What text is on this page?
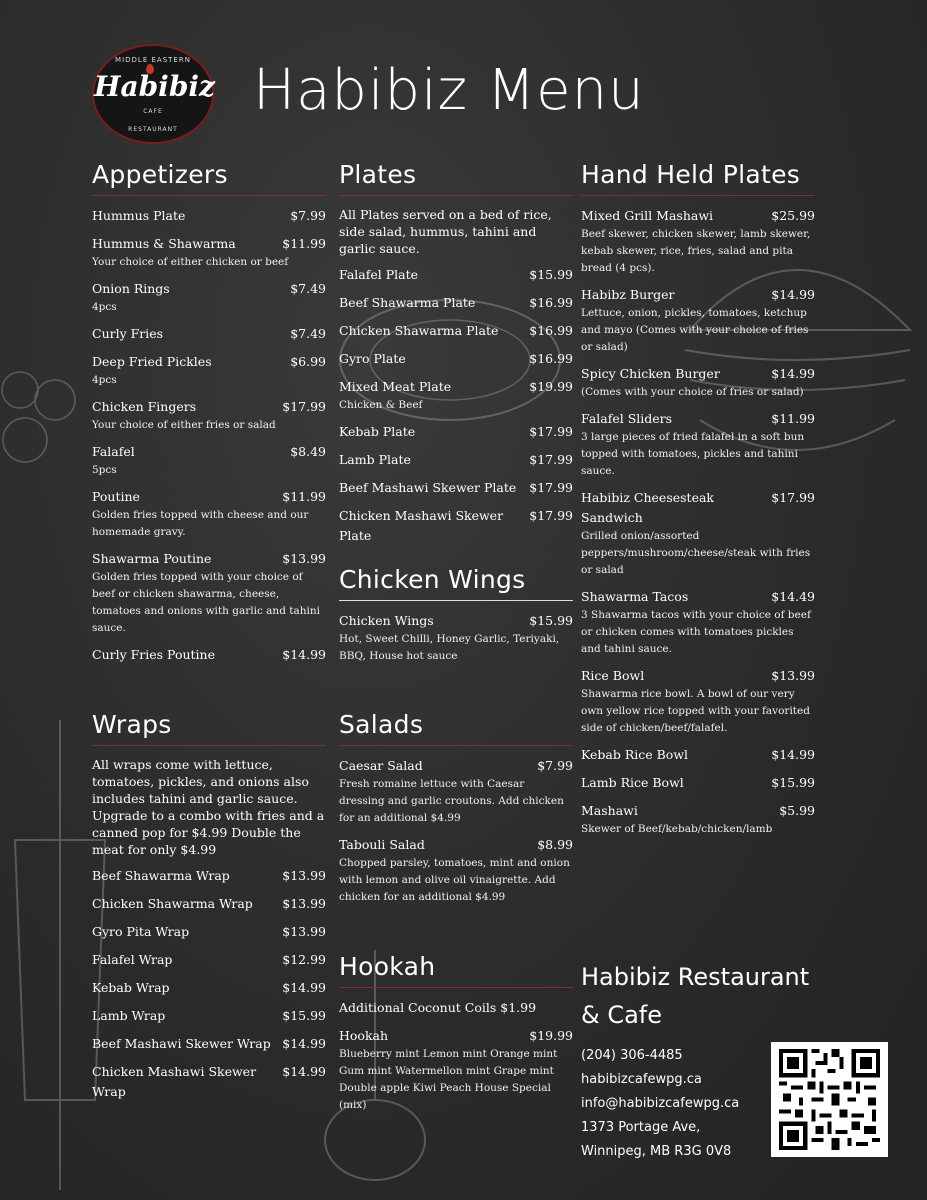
MIDDLE EASTERN
Habibiz
CAFE
RESTAURANT
Habibiz Menu
Appetizers
Hummus Plate	$7.99
Hummus & Shawarma	$11.99
Your choice of either chicken or beef
Onion Rings	$7.49
4pcs
Curly Fries	$7.49
Deep Fried Pickles	$6.99
4pcs
Chicken Fingers	$17.99
Your choice of either fries or salad
Falafel	$8.49
5pcs
Poutine	$11.99
Golden fries topped with cheese and our homemade gravy.
Shawarma Poutine	$13.99
Golden fries topped with your choice of beef or chicken shawarma, cheese, tomatoes and onions with garlic and tahini sauce.
Curly Fries Poutine	$14.99
Wraps
All wraps come with lettuce, tomatoes, pickles, and onions also includes tahini and garlic sauce. Upgrade to a combo with fries and a canned pop for $4.99 Double the meat for only $4.99
Beef Shawarma Wrap	$13.99
Chicken Shawarma Wrap	$13.99
Gyro Pita Wrap	$13.99
Falafel Wrap	$12.99
Kebab Wrap	$14.99
Lamb Wrap	$15.99
Beef Mashawi Skewer Wrap $14.99
Chicken Mashawi Skewer Wrap
$14.99
Plates
All Plates served on a bed of rice, side salad, hummus, tahini and garlic sauce.
Falafel Plate	$15.99
Beef Shawarma Plate	$16.99
Chicken Shawarma Plate	$16.99
Gyro Plate	$16.99
Mixed Meat Plate	$19.99
Chicken & Beef
Kebab Plate	$17.99
Lamb Plate	$17.99
Beef Mashawi Skewer Plate	$17.99
Chicken Mashawi Skewer Plate
$17.99
Chicken Wings
Chicken Wings	$15.99
Hot, Sweet Chilli, Honey Garlic, Teriyaki, BBQ, House hot sauce
Salads
Caesar Salad	$7.99
Fresh romaine lettuce with Caesar dressing and garlic croutons. Add chicken for an additional $4.99
Tabouli Salad	$8.99
Chopped parsley, tomatoes, mint and onion with lemon and olive oil vinaigrette. Add chicken for an additional $4.99
Hookah
Additional Coconut Coils $1.99
Hookah	$19.99
Blueberry mint Lemon mint Orange mint Gum mint Watermellon mint Grape mint Double apple Kiwi Peach House Special (mix)
Hand Held Plates
Mixed Grill Mashawi	$25.99
Beef skewer, chicken skewer, lamb skewer, kebab skewer, rice, fries, salad and pita bread (4 pcs).
Habibz Burger	$14.99
Lettuce, onion, pickles, tomatoes, ketchup and mayo (Comes with your choice of fries or salad)
Spicy Chicken Burger	$14.99
(Comes with your choice of fries or salad)
Falafel Sliders	$11.99
3 large pieces of fried falafel in a soft bun topped with tomatoes, pickles and tahini sauce.
Habibiz Cheesesteak Sandwich
$17.99
Grilled onion/assorted peppers/mushroom/cheese/steak with fries or salad
Shawarma Tacos	$14.49
3 Shawarma tacos with your choice of beef or chicken comes with tomatoes pickles and tahini sauce.
Rice Bowl	$13.99
Shawarma rice bowl. A bowl of our very own yellow rice topped with your favorited side of chicken/beef/falafel.
Kebab Rice Bowl	$14.99
Lamb Rice Bowl	$15.99
Mashawi	$5.99
Skewer of Beef/kebab/chicken/lamb
Habibiz Restaurant
& Cafe
(204) 306-4485
habibizcafewpg.ca
info@habibizcafewpg.ca
1373 Portage Ave,
Winnipeg, MB R3G 0V8
